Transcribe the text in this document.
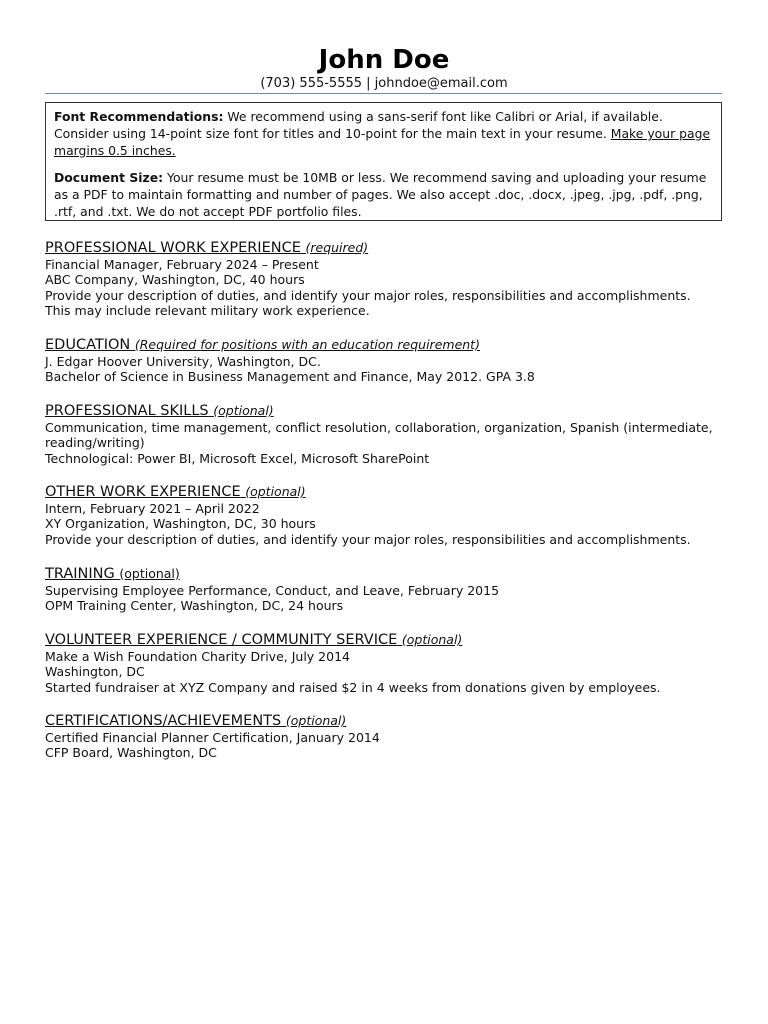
John Doe
(703) 555-5555 | johndoe@email.com

Font Recommendations: We recommend using a sans-serif font like Calibri or Arial, if available. Consider using 14-point size font for titles and 10-point for the main text in your resume. Make your page margins 0.5 inches.

Document Size: Your resume must be 10MB or less. We recommend saving and uploading your resume as a PDF to maintain formatting and number of pages. We also accept .doc, .docx, .jpeg, .jpg, .pdf, .png, .rtf, and .txt. We do not accept PDF portfolio files.

PROFESSIONAL WORK EXPERIENCE (required)
Financial Manager, February 2024 – Present
ABC Company, Washington, DC, 40 hours
Provide your description of duties, and identify your major roles, responsibilities and accomplishments.
This may include relevant military work experience.
EDUCATION (Required for positions with an education requirement)
J. Edgar Hoover University, Washington, DC.
Bachelor of Science in Business Management and Finance, May 2012. GPA 3.8
PROFESSIONAL SKILLS (optional)
Communication, time management, conflict resolution, collaboration, organization, Spanish (intermediate, reading/writing)
Technological: Power BI, Microsoft Excel, Microsoft SharePoint
OTHER WORK EXPERIENCE (optional)
Intern, February 2021 – April 2022
XY Organization, Washington, DC, 30 hours
Provide your description of duties, and identify your major roles, responsibilities and accomplishments.
TRAINING (optional)
Supervising Employee Performance, Conduct, and Leave, February 2015
OPM Training Center, Washington, DC, 24 hours
VOLUNTEER EXPERIENCE / COMMUNITY SERVICE (optional)
Make a Wish Foundation Charity Drive, July 2014
Washington, DC
Started fundraiser at XYZ Company and raised $2 in 4 weeks from donations given by employees.
CERTIFICATIONS/ACHIEVEMENTS (optional)
Certified Financial Planner Certification, January 2014
CFP Board, Washington, DC
